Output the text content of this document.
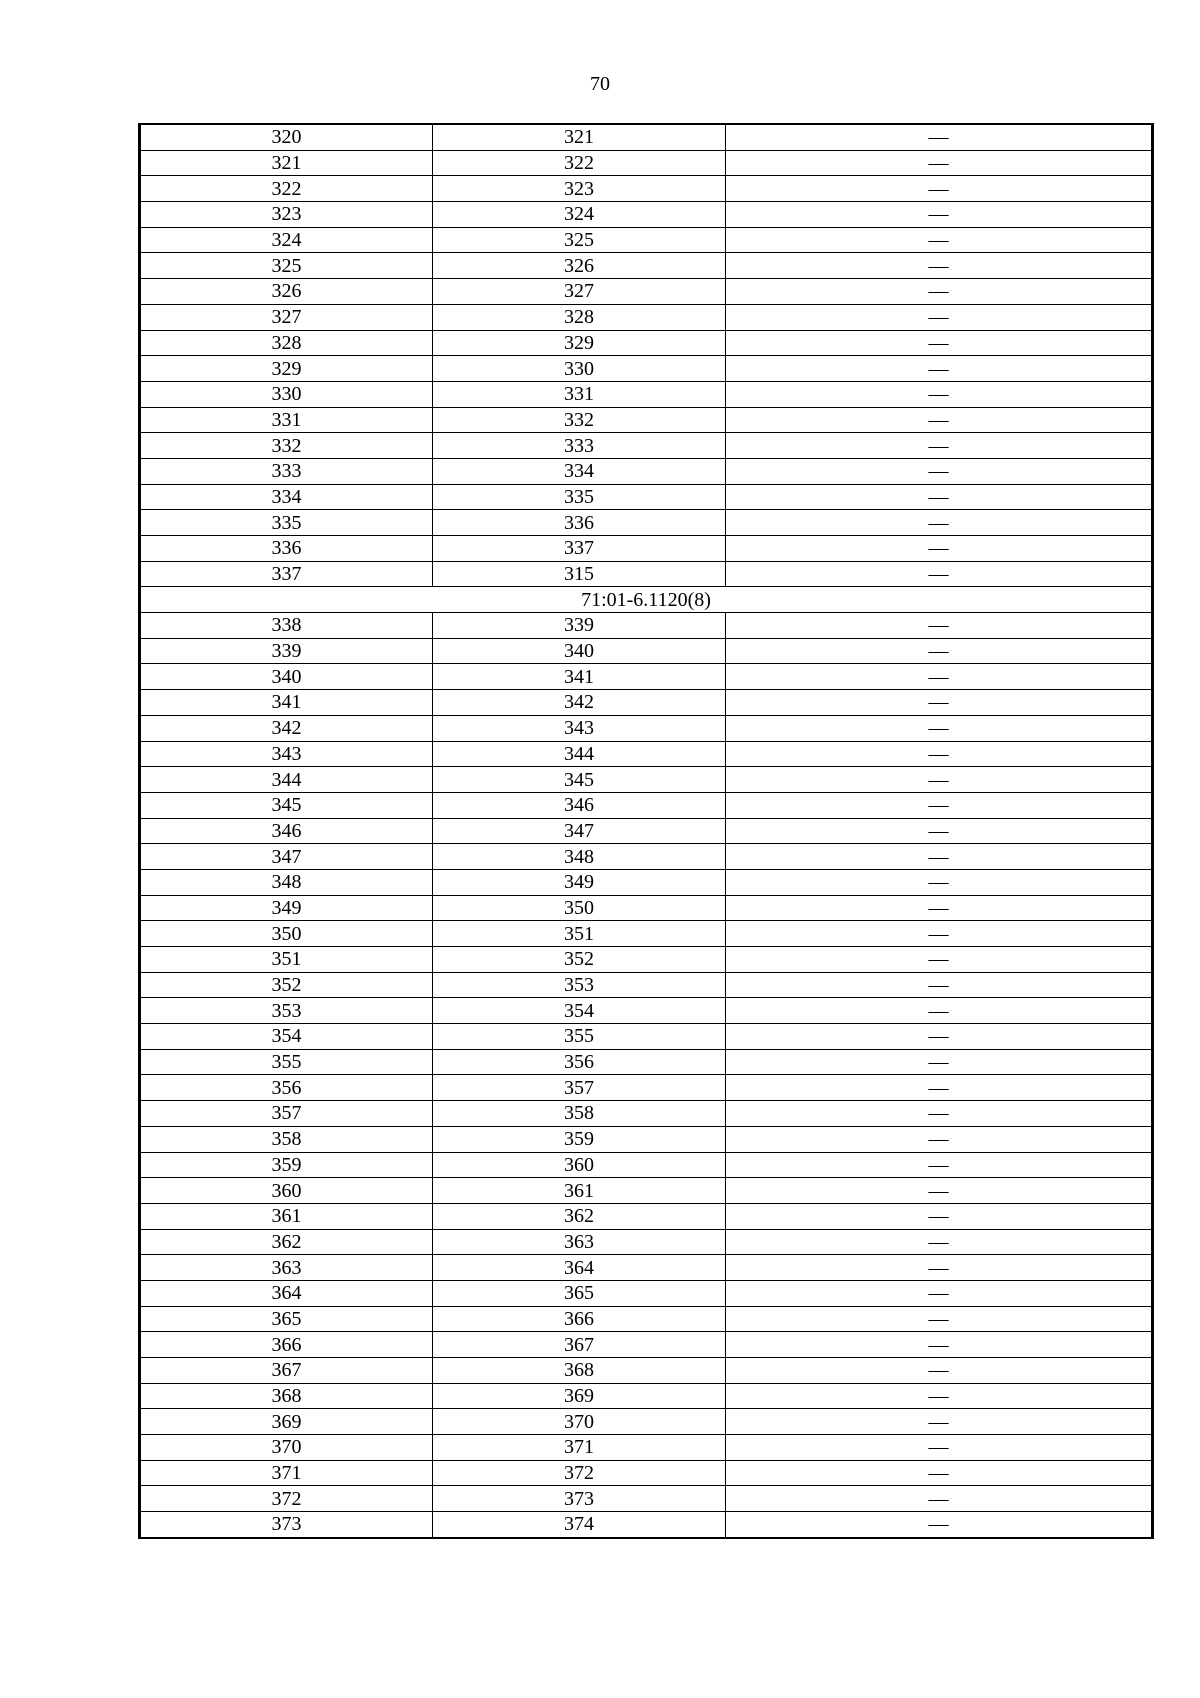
70
320	321	—
321	322	—
322	323	—
323	324	—
324	325	—
325	326	—
326	327	—
327	328	—
328	329	—
329	330	—
330	331	—
331	332	—
332	333	—
333	334	—
334	335	—
335	336	—
336	337	—
337	315	—
71:01-6.1120(8)		
338	339	—
339	340	—
340	341	—
341	342	—
342	343	—
343	344	—
344	345	—
345	346	—
346	347	—
347	348	—
348	349	—
349	350	—
350	351	—
351	352	—
352	353	—
353	354	—
354	355	—
355	356	—
356	357	—
357	358	—
358	359	—
359	360	—
360	361	—
361	362	—
362	363	—
363	364	—
364	365	—
365	366	—
366	367	—
367	368	—
368	369	—
369	370	—
370	371	—
371	372	—
372	373	—
373	374	—
